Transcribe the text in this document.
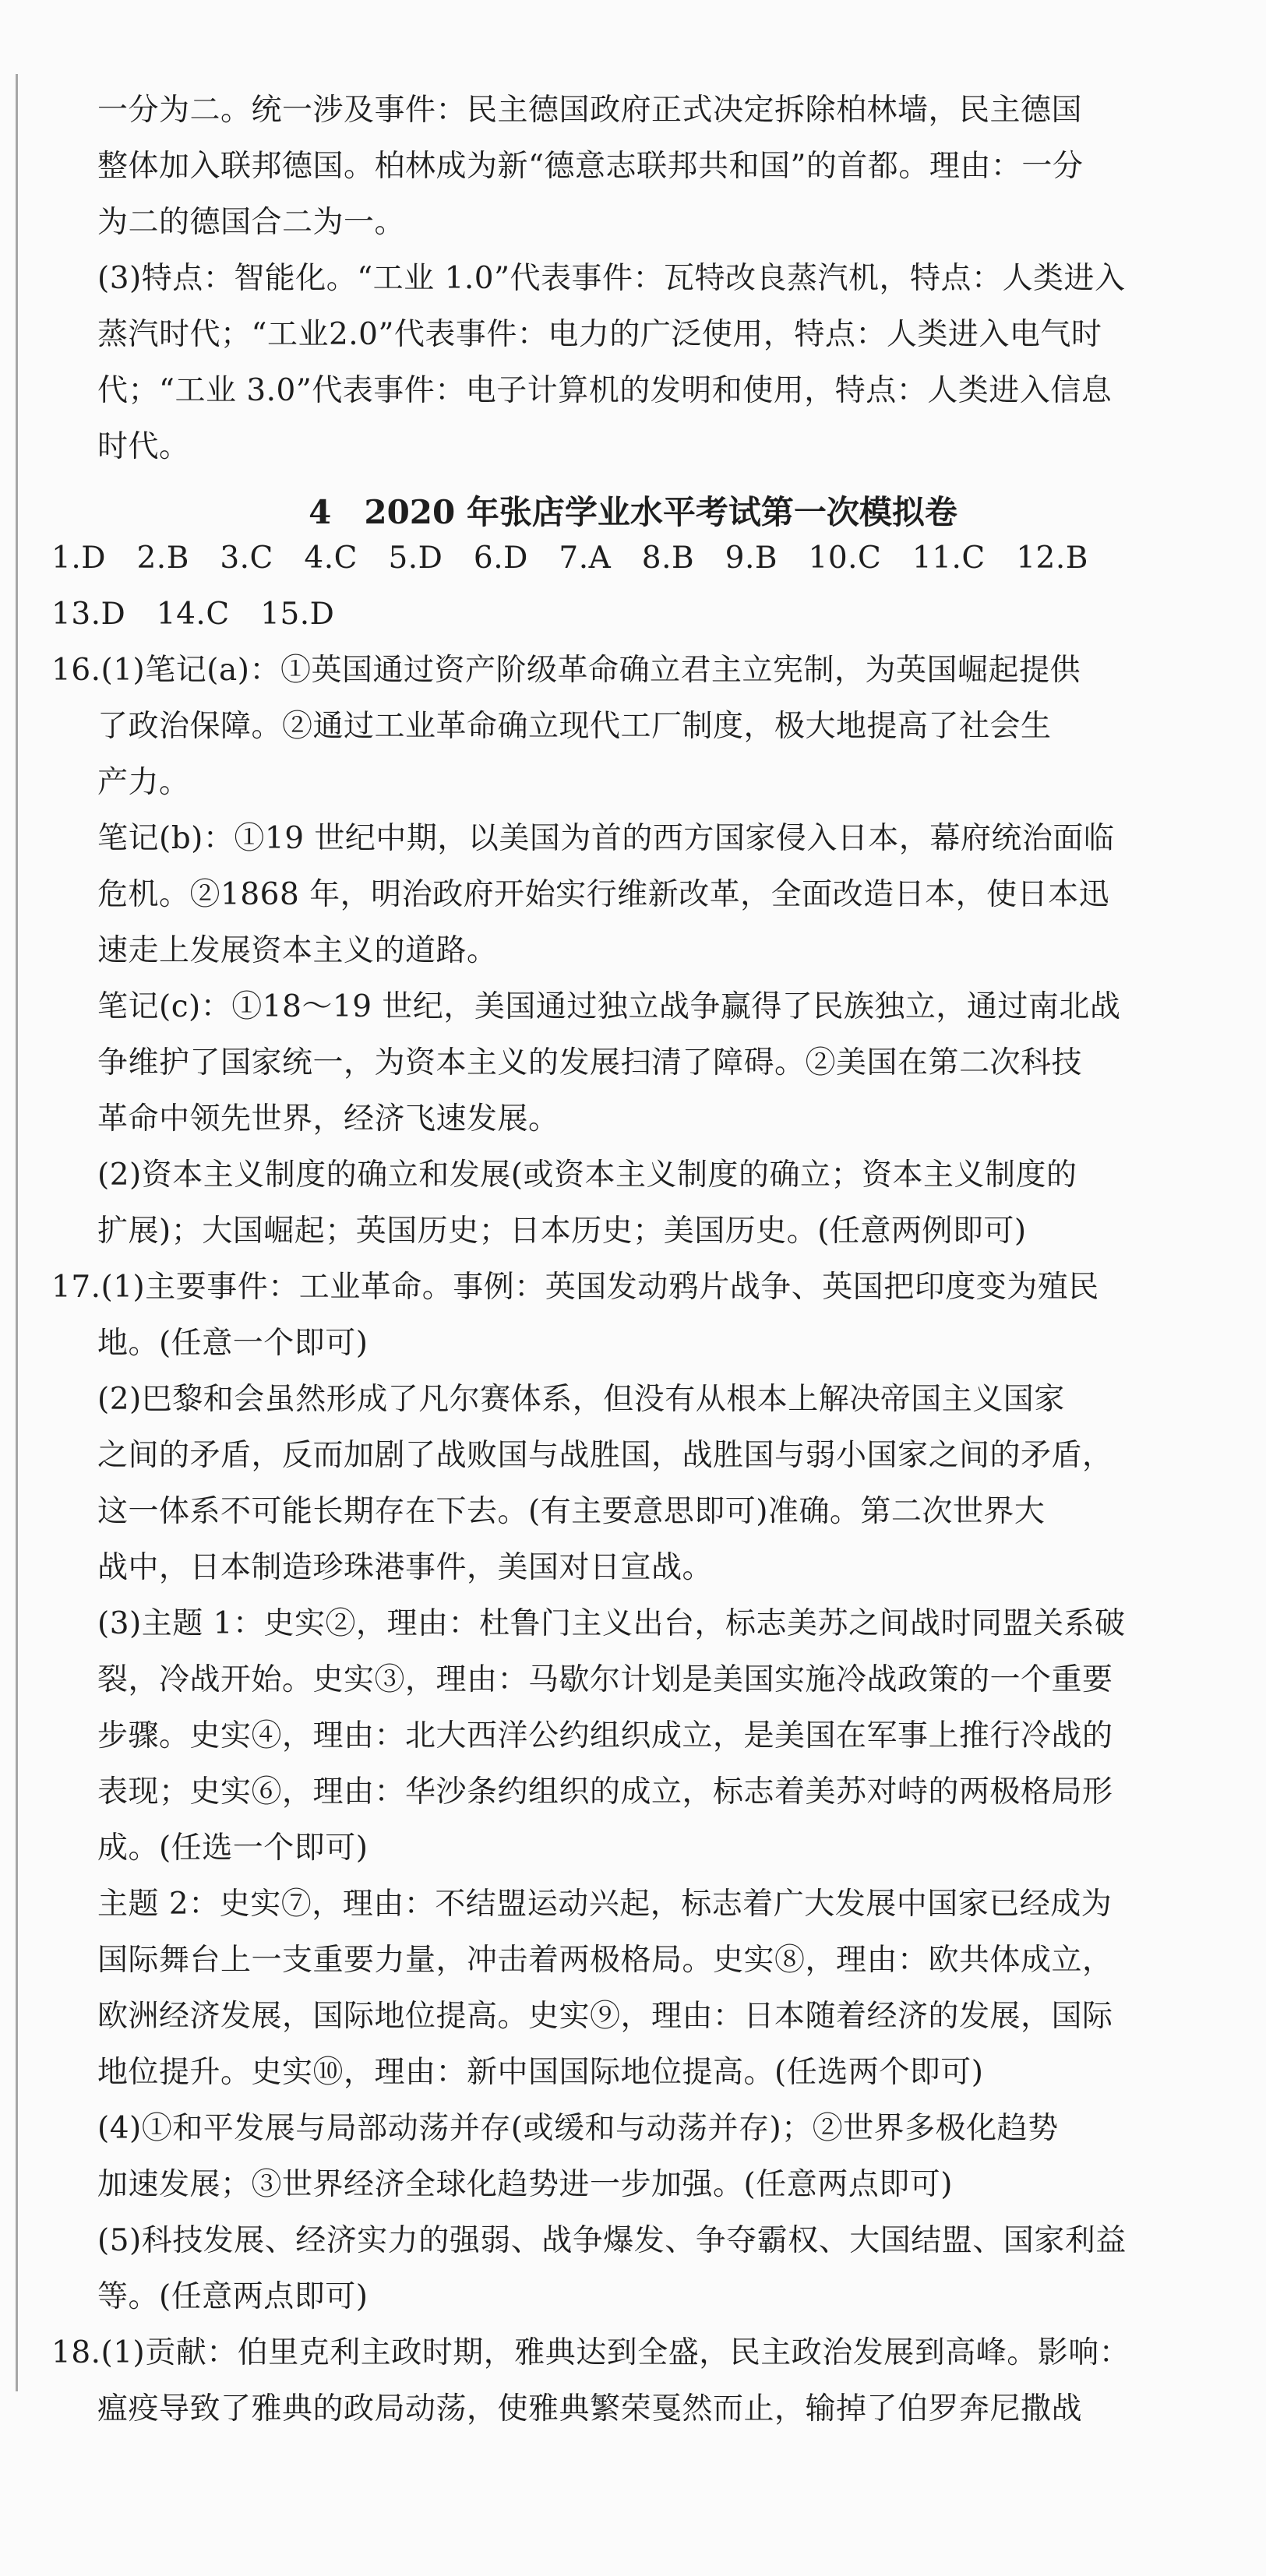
一分为二。统一涉及事件：民主德国政府正式决定拆除柏林墙，民主德国
整体加入联邦德国。柏林成为新“德意志联邦共和国”的首都。理由：一分
为二的德国合二为一。
(3)特点：智能化。“工业 1.0”代表事件：瓦特改良蒸汽机，特点：人类进入
蒸汽时代；“工业2.0”代表事件：电力的广泛使用，特点：人类进入电气时
代；“工业 3.0”代表事件：电子计算机的发明和使用，特点：人类进入信息
时代。
4　2020 年张店学业水平考试第一次模拟卷
1.D　2.B　3.C　4.C　5.D　6.D　7.A　8.B　9.B　10.C　11.C　12.B
13.D　14.C　15.D
16.(1)笔记(a)：①英国通过资产阶级革命确立君主立宪制，为英国崛起提供
了政治保障。②通过工业革命确立现代工厂制度，极大地提高了社会生
产力。
笔记(b)：①19 世纪中期，以美国为首的西方国家侵入日本，幕府统治面临
危机。②1868 年，明治政府开始实行维新改革，全面改造日本，使日本迅
速走上发展资本主义的道路。
笔记(c)：①18～19 世纪，美国通过独立战争赢得了民族独立，通过南北战
争维护了国家统一，为资本主义的发展扫清了障碍。②美国在第二次科技
革命中领先世界，经济飞速发展。
(2)资本主义制度的确立和发展(或资本主义制度的确立；资本主义制度的
扩展)；大国崛起；英国历史；日本历史；美国历史。(任意两例即可)
17.(1)主要事件：工业革命。事例：英国发动鸦片战争、英国把印度变为殖民
地。(任意一个即可)
(2)巴黎和会虽然形成了凡尔赛体系，但没有从根本上解决帝国主义国家
之间的矛盾，反而加剧了战败国与战胜国，战胜国与弱小国家之间的矛盾，
这一体系不可能长期存在下去。(有主要意思即可)准确。第二次世界大
战中，日本制造珍珠港事件，美国对日宣战。
(3)主题 1：史实②，理由：杜鲁门主义出台，标志美苏之间战时同盟关系破
裂，冷战开始。史实③，理由：马歇尔计划是美国实施冷战政策的一个重要
步骤。史实④，理由：北大西洋公约组织成立，是美国在军事上推行冷战的
表现；史实⑥，理由：华沙条约组织的成立，标志着美苏对峙的两极格局形
成。(任选一个即可)
主题 2：史实⑦，理由：不结盟运动兴起，标志着广大发展中国家已经成为
国际舞台上一支重要力量，冲击着两极格局。史实⑧，理由：欧共体成立，
欧洲经济发展，国际地位提高。史实⑨，理由：日本随着经济的发展，国际
地位提升。史实⑩，理由：新中国国际地位提高。(任选两个即可)
(4)①和平发展与局部动荡并存(或缓和与动荡并存)；②世界多极化趋势
加速发展；③世界经济全球化趋势进一步加强。(任意两点即可)
(5)科技发展、经济实力的强弱、战争爆发、争夺霸权、大国结盟、国家利益
等。(任意两点即可)
18.(1)贡献：伯里克利主政时期，雅典达到全盛，民主政治发展到高峰。影响：
瘟疫导致了雅典的政局动荡，使雅典繁荣戛然而止，输掉了伯罗奔尼撒战
